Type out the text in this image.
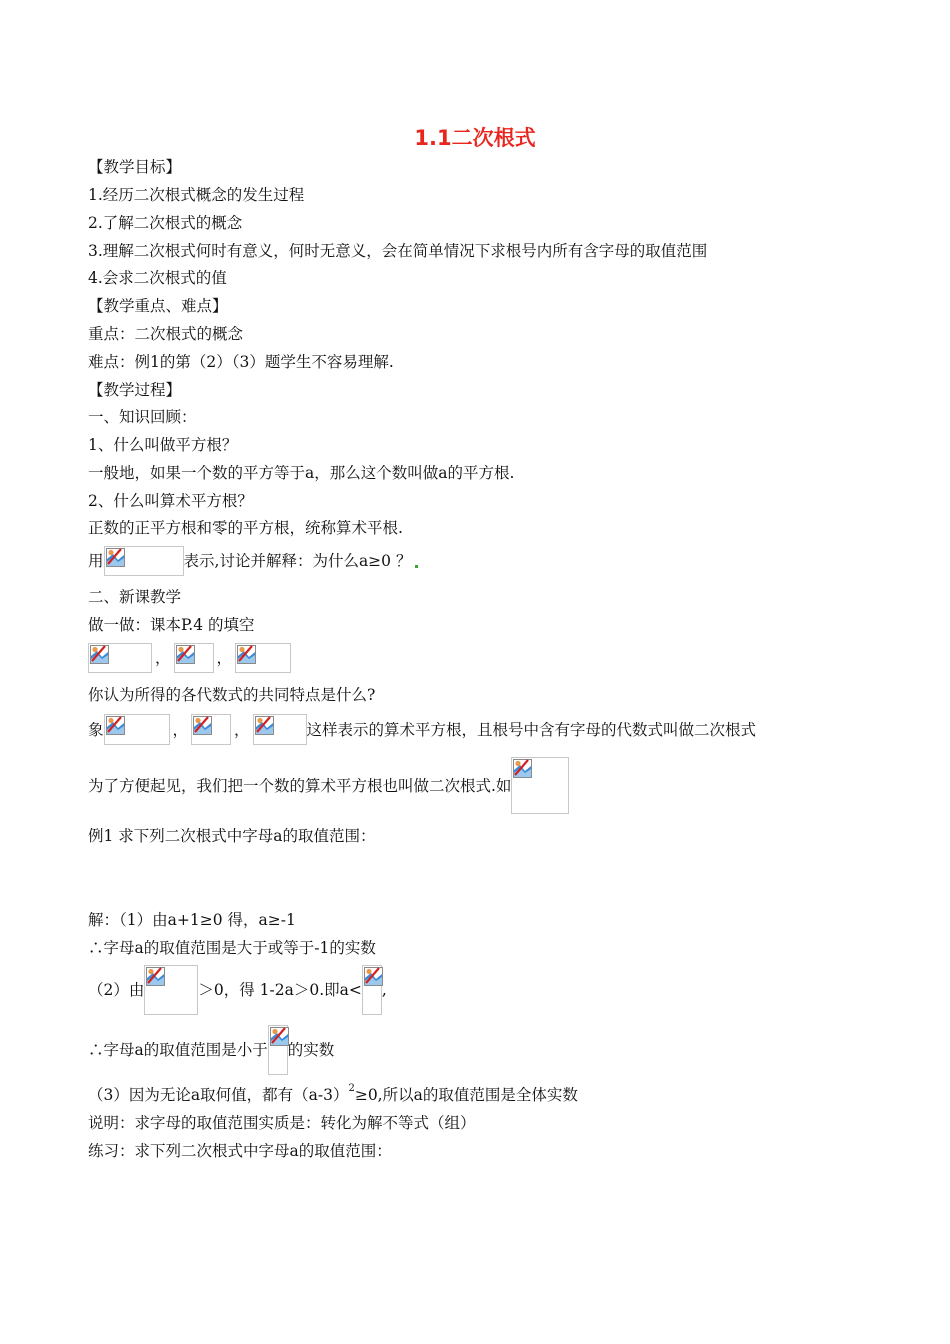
1.1二次根式
【教学目标】
1.经历二次根式概念的发生过程
2.了解二次根式的概念
3.理解二次根式何时有意义，何时无意义，会在简单情况下求根号内所有含字母的取值范围
4.会求二次根式的值
【教学重点、难点】
重点：二次根式的概念
难点：例1的第（2）（3）题学生不容易理解.
【教学过程】
一、知识回顾：
1、什么叫做平方根？
一般地，如果一个数的平方等于a，那么这个数叫做a的平方根.
2、什么叫算术平方根？
正数的正平方根和零的平方根，统称算术平根.
用	表示,讨论并解释：为什么a≥0 ？
二、新课教学
做一做：课本P.4 的填空
，	，
你认为所得的各代数式的共同特点是什么?
象	，	，	这样表示的算术平方根，且根号中含有字母的代数式叫做二次根式
为了方便起见，我们把一个数的算术平方根也叫做二次根式.如
例1 求下列二次根式中字母a的取值范围：
解：（1）由a+1≥0 得，a≥-1
∴字母a的取值范围是大于或等于-1的实数
（2）由	＞0，得 1-2a＞0.即a< ,
∴字母a的取值范围是小于 的实数
（3）因为无论a取何值，都有（a-3） 2 ≥0,所以a的取值范围是全体实数
说明：求字母的取值范围实质是：转化为解不等式（组）
练习：求下列二次根式中字母a的取值范围：
